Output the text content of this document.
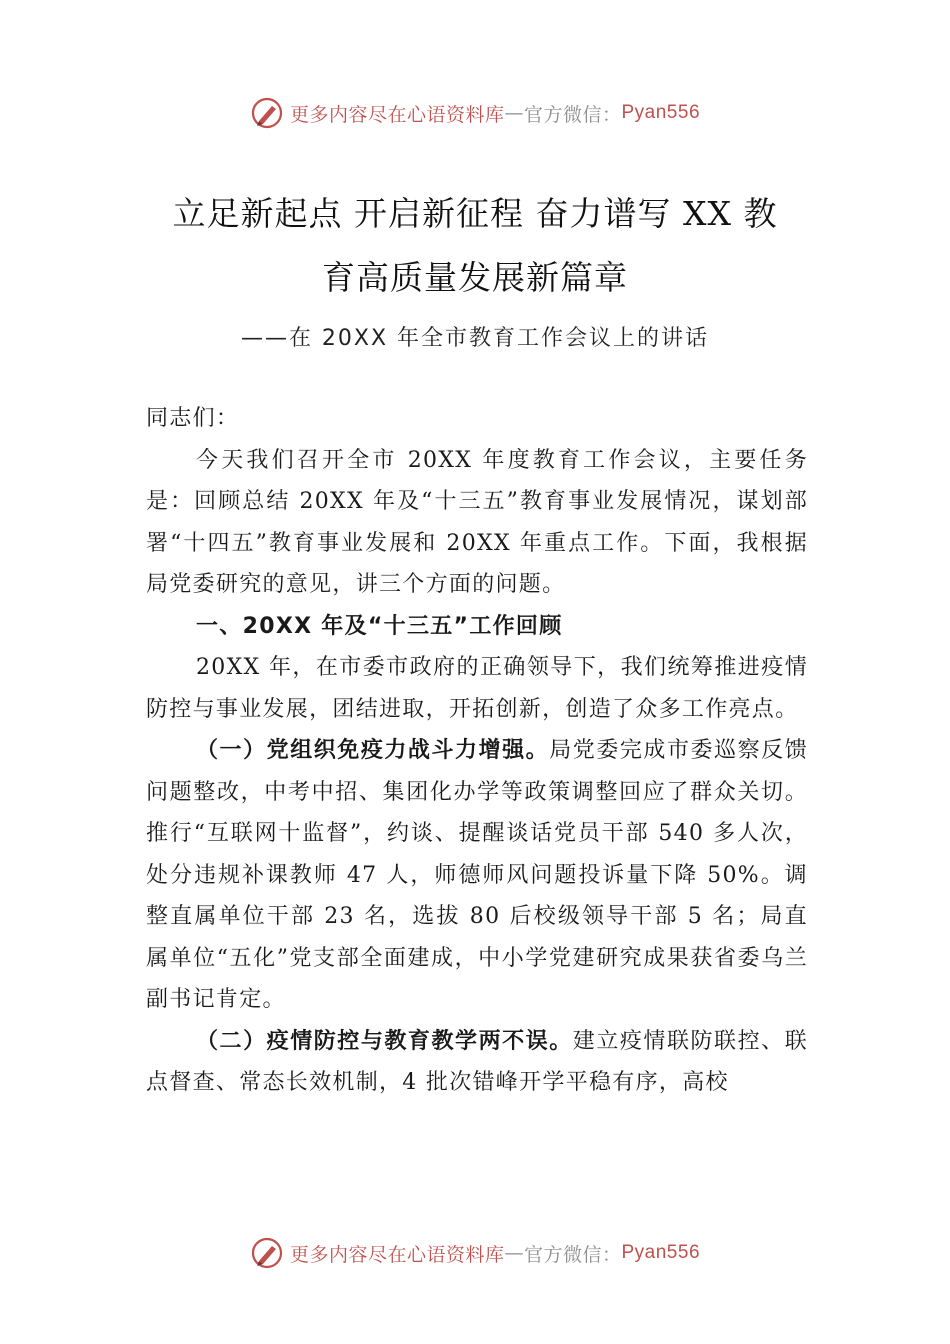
更多内容尽在心语资料库 — 官方微信： Pyan556
立足新起点 开启新征程 奋力谱写 XX 教
育高质量发展新篇章
——在 20XX 年全市教育工作会议上的讲话

同志们：

今天我们召开全市 20XX 年度教育工作会议，主要任务是：回顾总结 20XX 年及“十三五”教育事业发展情况，谋划部署“十四五”教育事业发展和 20XX 年重点工作。下面，我根据局党委研究的意见，讲三个方面的问题。

一、20XX 年及“十三五”工作回顾

20XX 年，在市委市政府的正确领导下，我们统筹推进疫情防控与事业发展，团结进取，开拓创新，创造了众多工作亮点。

（一）党组织免疫力战斗力增强。局党委完成市委巡察反馈问题整改，中考中招、集团化办学等政策调整回应了群众关切。推行“互联网十监督”，约谈、提醒谈话党员干部 540 多人次，处分违规补课教师 47 人，师德师风问题投诉量下降 50%。调整直属单位干部 23 名，选拔 80 后校级领导干部 5 名；局直属单位“五化”党支部全面建成，中小学党建研究成果获省委乌兰副书记肯定。

（二）疫情防控与教育教学两不误。建立疫情联防联控、联点督查、常态长效机制，4 批次错峰开学平稳有序，高校

更多内容尽在心语资料库 — 官方微信： Pyan556
